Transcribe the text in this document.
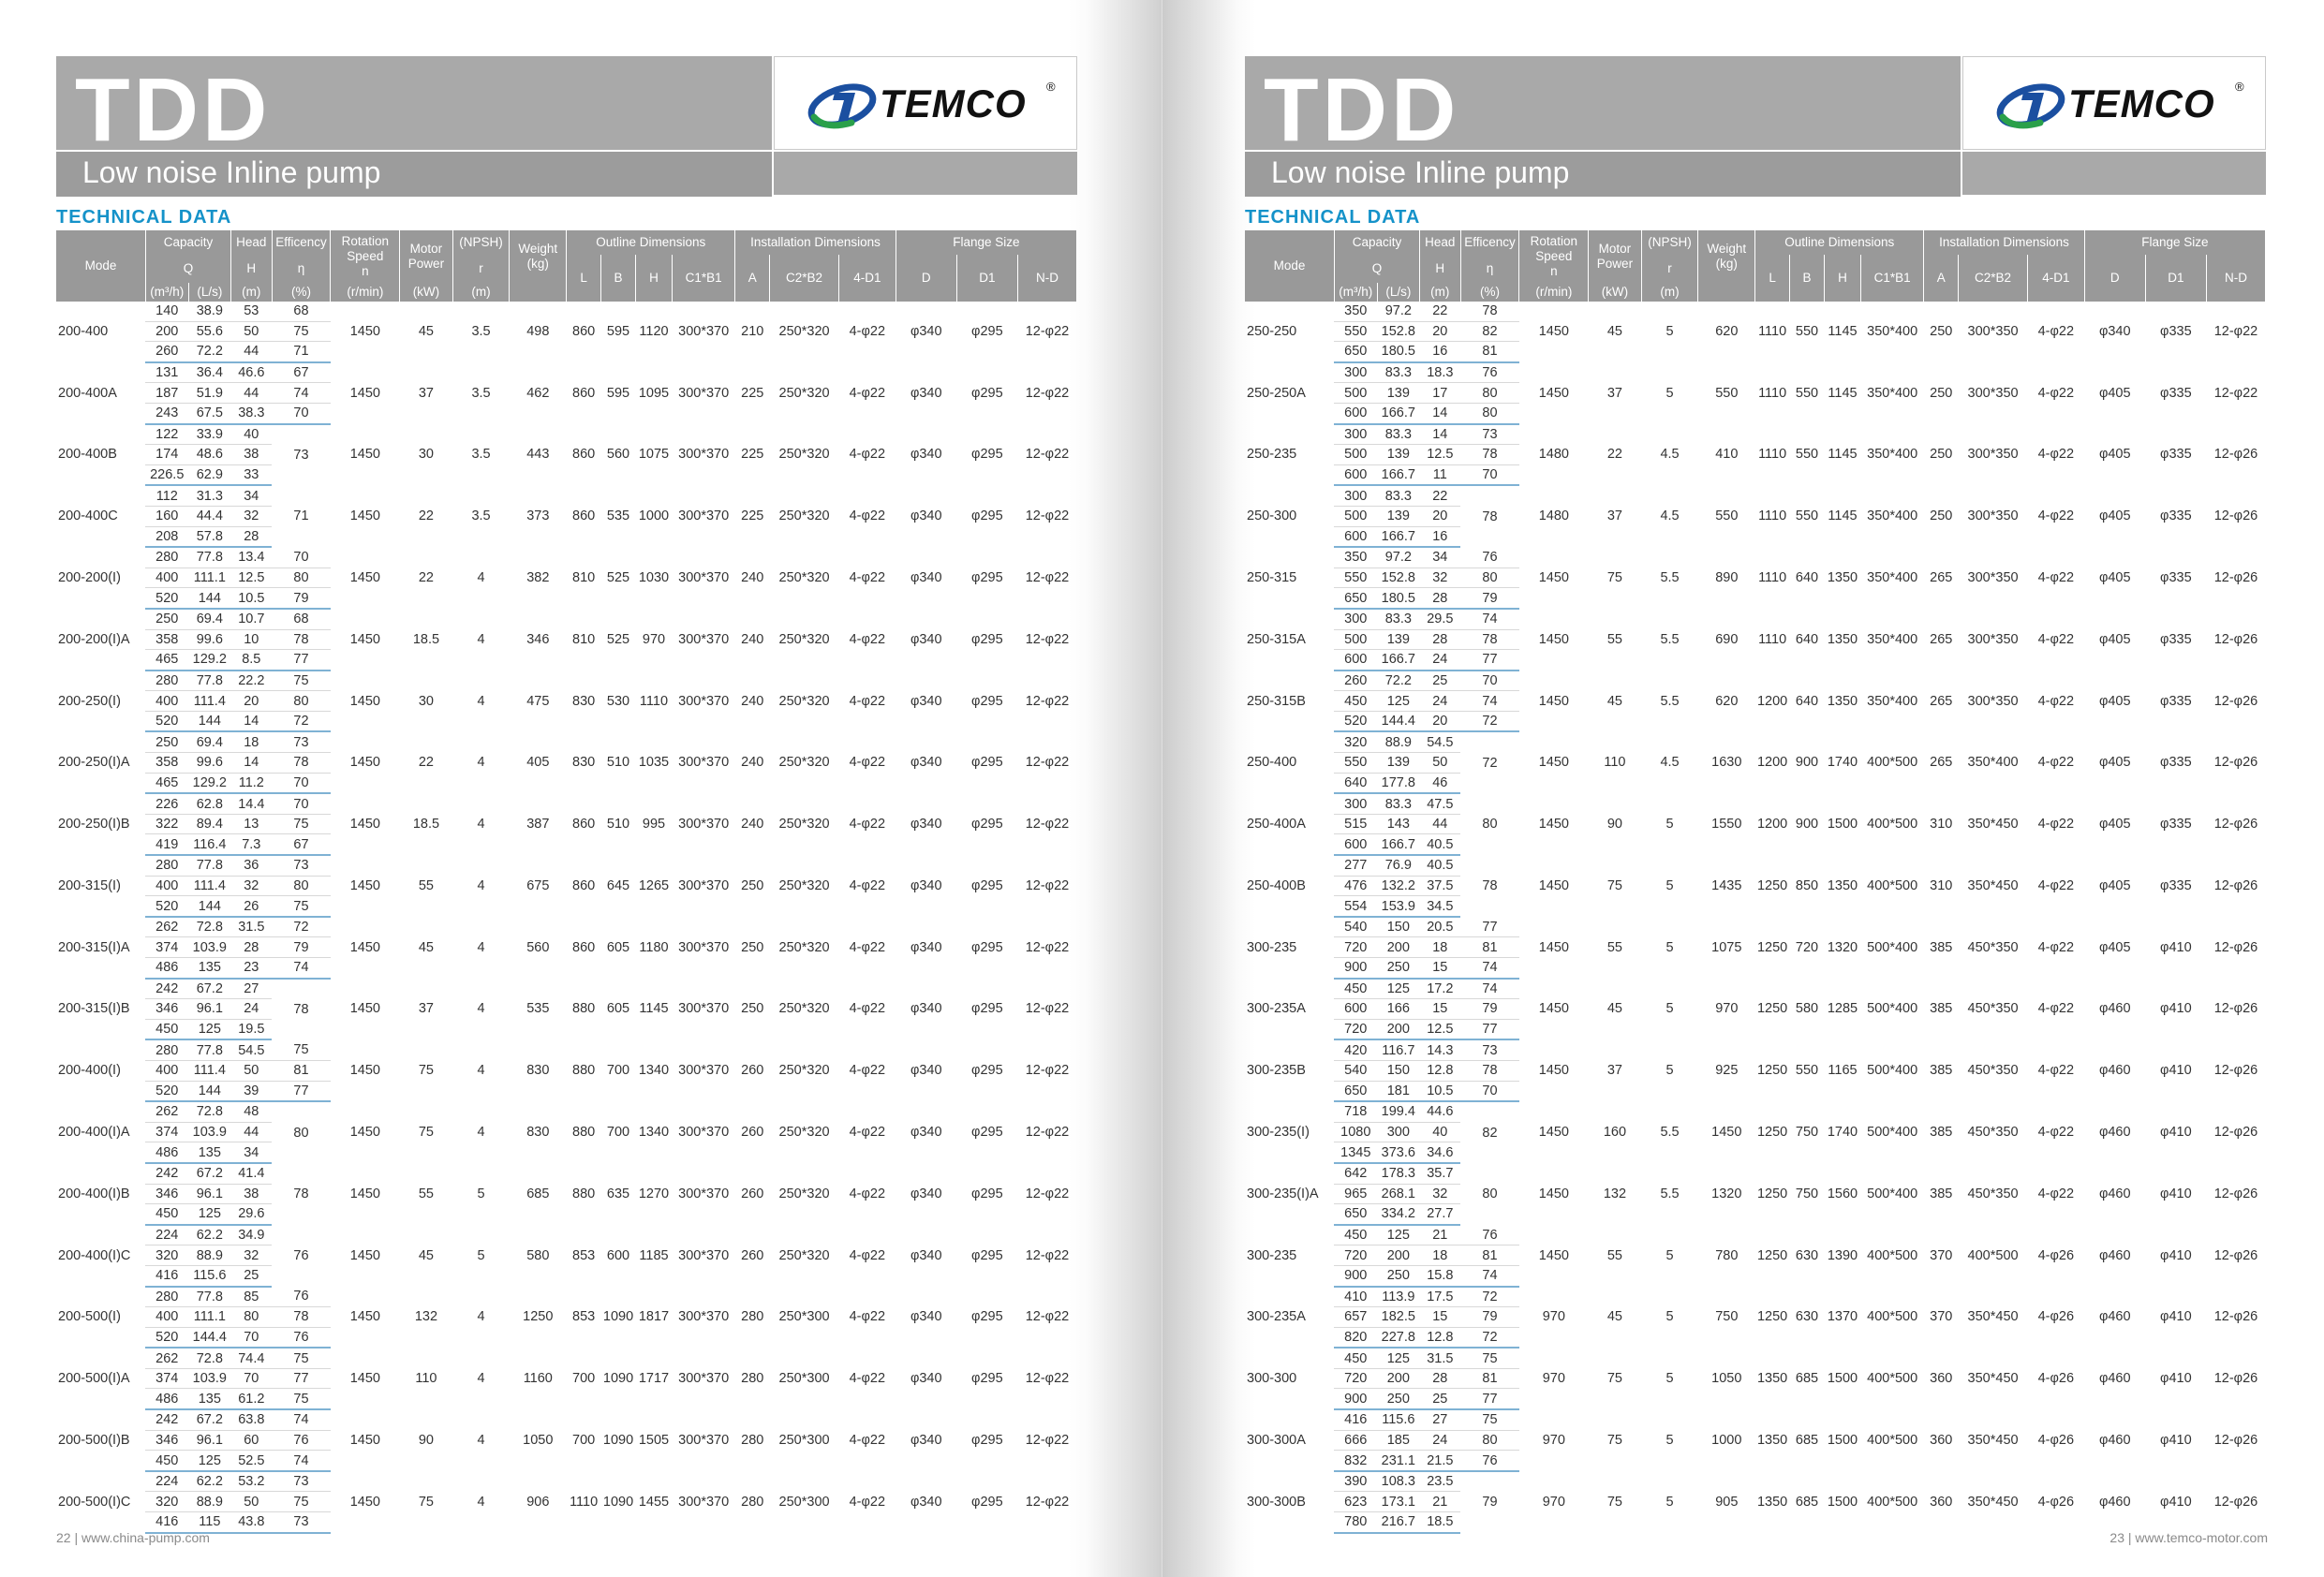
TDD
Low noise Inline pump
TEMCO ®
TECHNICAL DATA
Mode	Capacity		Head	Efficency	Rotation Speed
n	Motor Power	(NPSH)	Weight
(kg)	Outline Dimensions				Installation Dimensions			Flange Size		
	Q		H	η			r		L	B	H	C1*B1	A	C2*B2	4-D1	D	D1	N-D
	(m³/h)	(L/s)	(m)	(%)	(r/min)	(kW)	(m)											
200-400	140	38.9	53	68	1450	45	3.5	498	860	595	1120	300*370	210	250*320	4-φ22	φ340	φ295	12-φ22
	200	55.6	50	75														
	260	72.2	44	71														
200-400A	131	36.4	46.6	67	1450	37	3.5	462	860	595	1095	300*370	225	250*320	4-φ22	φ340	φ295	12-φ22
	187	51.9	44	74														
	243	67.5	38.3	70														
200-400B	122	33.9	40	73	1450	30	3.5	443	860	560	1075	300*370	225	250*320	4-φ22	φ340	φ295	12-φ22
	174	48.6	38															
	226.5	62.9	33															
200-400C	112	31.3	34	71	1450	22	3.5	373	860	535	1000	300*370	225	250*320	4-φ22	φ340	φ295	12-φ22
	160	44.4	32															
	208	57.8	28															
200-200(I)	280	77.8	13.4	70	1450	22	4	382	810	525	1030	300*370	240	250*320	4-φ22	φ340	φ295	12-φ22
	400	111.1	12.5	80														
	520	144	10.5	79														
200-200(I)A	250	69.4	10.7	68	1450	18.5	4	346	810	525	970	300*370	240	250*320	4-φ22	φ340	φ295	12-φ22
	358	99.6	10	78														
	465	129.2	8.5	77														
200-250(I)	280	77.8	22.2	75	1450	30	4	475	830	530	1110	300*370	240	250*320	4-φ22	φ340	φ295	12-φ22
	400	111.4	20	80														
	520	144	14	72														
200-250(I)A	250	69.4	18	73	1450	22	4	405	830	510	1035	300*370	240	250*320	4-φ22	φ340	φ295	12-φ22
	358	99.6	14	78														
	465	129.2	11.2	70														
200-250(I)B	226	62.8	14.4	70	1450	18.5	4	387	860	510	995	300*370	240	250*320	4-φ22	φ340	φ295	12-φ22
	322	89.4	13	75														
	419	116.4	7.3	67														
200-315(I)	280	77.8	36	73	1450	55	4	675	860	645	1265	300*370	250	250*320	4-φ22	φ340	φ295	12-φ22
	400	111.4	32	80														
	520	144	26	75														
200-315(I)A	262	72.8	31.5	72	1450	45	4	560	860	605	1180	300*370	250	250*320	4-φ22	φ340	φ295	12-φ22
	374	103.9	28	79														
	486	135	23	74														
200-315(I)B	242	67.2	27	78	1450	37	4	535	880	605	1145	300*370	250	250*320	4-φ22	φ340	φ295	12-φ22
	346	96.1	24															
	450	125	19.5															
200-400(I)	280	77.8	54.5	75	1450	75	4	830	880	700	1340	300*370	260	250*320	4-φ22	φ340	φ295	12-φ22
	400	111.4	50	81														
	520	144	39	77														
200-400(I)A	262	72.8	48	80	1450	75	4	830	880	700	1340	300*370	260	250*320	4-φ22	φ340	φ295	12-φ22
	374	103.9	44															
	486	135	34															
200-400(I)B	242	67.2	41.4	78	1450	55	5	685	880	635	1270	300*370	260	250*320	4-φ22	φ340	φ295	12-φ22
	346	96.1	38															
	450	125	29.6															
200-400(I)C	224	62.2	34.9	76	1450	45	5	580	853	600	1185	300*370	260	250*320	4-φ22	φ340	φ295	12-φ22
	320	88.9	32															
	416	115.6	25															
200-500(I)	280	77.8	85	76	1450	132	4	1250	853	1090	1817	300*370	280	250*300	4-φ22	φ340	φ295	12-φ22
	400	111.1	80	78														
	520	144.4	70	76														
200-500(I)A	262	72.8	74.4	75	1450	110	4	1160	700	1090	1717	300*370	280	250*300	4-φ22	φ340	φ295	12-φ22
	374	103.9	70	77														
	486	135	61.2	75														
200-500(I)B	242	67.2	63.8	74	1450	90	4	1050	700	1090	1505	300*370	280	250*300	4-φ22	φ340	φ295	12-φ22
	346	96.1	60	76														
	450	125	52.5	74														
200-500(I)C	224	62.2	53.2	73	1450	75	4	906	1110	1090	1455	300*370	280	250*300	4-φ22	φ340	φ295	12-φ22
	320	88.9	50	75														
	416	115	43.8	73														
22 | www.china-pump.com
TDD
Low noise Inline pump
TEMCO ®
TECHNICAL DATA
Mode	Capacity		Head	Efficency	Rotation Speed
n	Motor Power	(NPSH)	Weight
(kg)	Outline Dimensions				Installation Dimensions			Flange Size		
	Q		H	η			r		L	B	H	C1*B1	A	C2*B2	4-D1	D	D1	N-D
	(m³/h)	(L/s)	(m)	(%)	(r/min)	(kW)	(m)											
250-250	350	97.2	22	78	1450	45	5	620	1110	550	1145	350*400	250	300*350	4-φ22	φ340	φ335	12-φ22
	550	152.8	20	82														
	650	180.5	16	81														
250-250A	300	83.3	18.3	76	1450	37	5	550	1110	550	1145	350*400	250	300*350	4-φ22	φ405	φ335	12-φ22
	500	139	17	80														
	600	166.7	14	80														
250-235	300	83.3	14	73	1480	22	4.5	410	1110	550	1145	350*400	250	300*350	4-φ22	φ405	φ335	12-φ26
	500	139	12.5	78														
	600	166.7	11	70														
250-300	300	83.3	22	78	1480	37	4.5	550	1110	550	1145	350*400	250	300*350	4-φ22	φ405	φ335	12-φ26
	500	139	20															
	600	166.7	16															
250-315	350	97.2	34	76	1450	75	5.5	890	1110	640	1350	350*400	265	300*350	4-φ22	φ405	φ335	12-φ26
	550	152.8	32	80														
	650	180.5	28	79														
250-315A	300	83.3	29.5	74	1450	55	5.5	690	1110	640	1350	350*400	265	300*350	4-φ22	φ405	φ335	12-φ26
	500	139	28	78														
	600	166.7	24	77														
250-315B	260	72.2	25	70	1450	45	5.5	620	1200	640	1350	350*400	265	300*350	4-φ22	φ405	φ335	12-φ26
	450	125	24	74														
	520	144.4	20	72														
250-400	320	88.9	54.5	72	1450	110	4.5	1630	1200	900	1740	400*500	265	350*400	4-φ22	φ405	φ335	12-φ26
	550	139	50															
	640	177.8	46															
250-400A	300	83.3	47.5	80	1450	90	5	1550	1200	900	1500	400*500	310	350*450	4-φ22	φ405	φ335	12-φ26
	515	143	44															
	600	166.7	40.5															
250-400B	277	76.9	40.5	78	1450	75	5	1435	1250	850	1350	400*500	310	350*450	4-φ22	φ405	φ335	12-φ26
	476	132.2	37.5															
	554	153.9	34.5															
300-235	540	150	20.5	77	1450	55	5	1075	1250	720	1320	500*400	385	450*350	4-φ22	φ405	φ410	12-φ26
	720	200	18	81														
	900	250	15	74														
300-235A	450	125	17.2	74	1450	45	5	970	1250	580	1285	500*400	385	450*350	4-φ22	φ460	φ410	12-φ26
	600	166	15	79														
	720	200	12.5	77														
300-235B	420	116.7	14.3	73	1450	37	5	925	1250	550	1165	500*400	385	450*350	4-φ22	φ460	φ410	12-φ26
	540	150	12.8	78														
	650	181	10.5	70														
300-235(I)	718	199.4	44.6	82	1450	160	5.5	1450	1250	750	1740	500*400	385	450*350	4-φ22	φ460	φ410	12-φ26
	1080	300	40															
	1345	373.6	34.6															
300-235(I)A	642	178.3	35.7	80	1450	132	5.5	1320	1250	750	1560	500*400	385	450*350	4-φ22	φ460	φ410	12-φ26
	965	268.1	32															
	650	334.2	27.7															
300-235	450	125	21	76	1450	55	5	780	1250	630	1390	400*500	370	400*500	4-φ26	φ460	φ410	12-φ26
	720	200	18	81														
	900	250	15.8	74														
300-235A	410	113.9	17.5	72	970	45	5	750	1250	630	1370	400*500	370	350*450	4-φ26	φ460	φ410	12-φ26
	657	182.5	15	79														
	820	227.8	12.8	72														
300-300	450	125	31.5	75	970	75	5	1050	1350	685	1500	400*500	360	350*450	4-φ26	φ460	φ410	12-φ26
	720	200	28	81														
	900	250	25	77														
300-300A	416	115.6	27	75	970	75	5	1000	1350	685	1500	400*500	360	350*450	4-φ26	φ460	φ410	12-φ26
	666	185	24	80														
	832	231.1	21.5	76														
300-300B	390	108.3	23.5	79	970	75	5	905	1350	685	1500	400*500	360	350*450	4-φ26	φ460	φ410	12-φ26
	623	173.1	21															
	780	216.7	18.5															
23 | www.temco-motor.com
